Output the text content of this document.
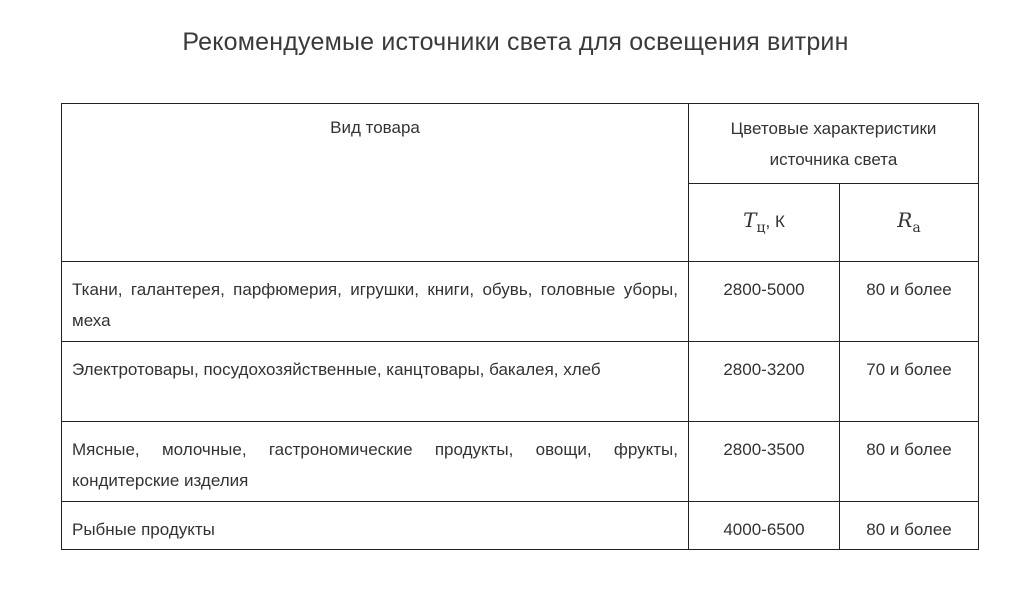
Рекомендуемые источники света для освещения витрин
Вид товара	Цветовые характеристики источника света	

	$T_ц$, К	$R_a$

Ткани, галантерея, парфюмерия, игрушки, книги, обувь, головные уборы, меха	2800-5000	80 и более

Электротовары, посудохозяйственные, канцтовары, бакалея, хлеб	2800-3200	70 и более

Мясные, молочные, гастрономические продукты, овощи, фрукты, кондитерские изделия	2800-3500	80 и более

Рыбные продукты	4000-6500	80 и более
